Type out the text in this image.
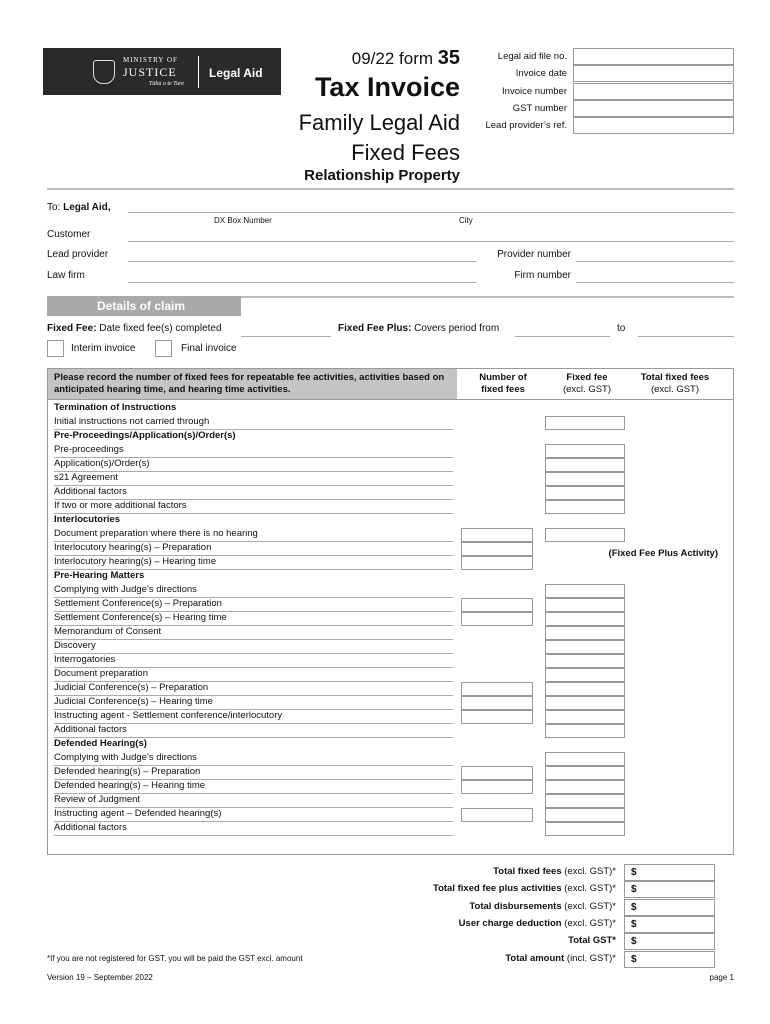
MINISTRY OF
JUSTICE
Tāhū o te Ture
Legal Aid
09/22 form 35
Tax Invoice
Family Legal Aid
Fixed Fees
Relationship Property
Legal aid file no.
Invoice date
Invoice number
GST number
Lead provider’s ref.
To: Legal Aid,
DX Box Number	City
Customer
Lead provider	Provider number
Law firm	Firm number
Details of claim
Fixed Fee: Date fixed fee(s) completed	Fixed Fee Plus: Covers period from	to
Interim invoice	Final invoice
Please record the number of fixed fees for repeatable fee activities, activities based on anticipated hearing time, and hearing time activities.
Number of fixed fees
Fixed fee
(excl. GST)
Total fixed fees
(excl. GST)
Termination of Instructions
Initial instructions not carried through
Pre-Proceedings/Application(s)/Order(s)
Pre-proceedings
Application(s)/Order(s)
s21 Agreement
Additional factors
If two or more additional factors
Interlocutories
Document preparation where there is no hearing
Interlocutory hearing(s) – Preparation
Interlocutory hearing(s) – Hearing time
Pre-Hearing Matters
Complying with Judge’s directions
Settlement Conference(s) – Preparation
Settlement Conference(s) – Hearing time
Memorandum of Consent
Discovery
Interrogatories
Document preparation
Judicial Conference(s) – Preparation
Judicial Conference(s) – Hearing time
Instructing agent - Settlement conference/interlocutory
Additional factors
Defended Hearing(s)
Complying with Judge’s directions
Defended hearing(s) – Preparation
Defended hearing(s) – Hearing time
Review of Judgment
Instructing agent – Defended hearing(s)
Additional factors
(Fixed Fee Plus Activity)
Total fixed fees (excl. GST)*	$
Total fixed fee plus activities (excl. GST)*	$
Total disbursements (excl. GST)*	$
User charge deduction (excl. GST)*	$
Total GST*	$
Total amount (incl. GST)*	$
*If you are not registered for GST, you will be paid the GST excl. amount
Version 19 – September 2022	page 1
